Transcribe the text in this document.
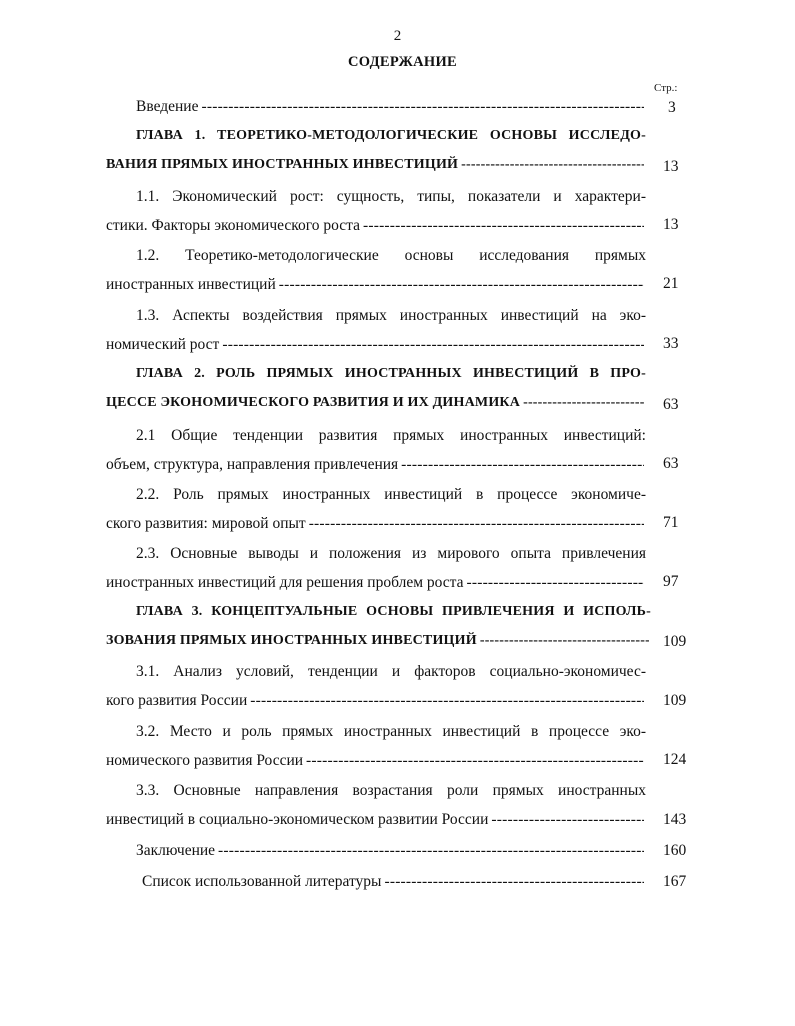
2
СОДЕРЖАНИЕ
Стр.:
Введение -----	3
ГЛАВА 1. ТЕОРЕТИКО-МЕТОДОЛОГИЧЕСКИЕ ОСНОВЫ ИССЛЕДО-
ВАНИЯ ПРЯМЫХ ИНОСТРАННЫХ ИНВЕСТИЦИЙ -----	13
1.1. Экономический рост: сущность, типы, показатели и характери-
стики. Факторы экономического роста -----	13
1.2. Теоретико-методологические основы исследования прямых
иностранных инвестиций -----	21
1.3. Аспекты воздействия прямых иностранных инвестиций на эко-
номический рост -----	33
ГЛАВА 2. РОЛЬ ПРЯМЫХ ИНОСТРАННЫХ ИНВЕСТИЦИЙ В ПРО-
ЦЕССЕ ЭКОНОМИЧЕСКОГО РАЗВИТИЯ И ИХ ДИНАМИКА -----	63
2.1 Общие тенденции развития прямых иностранных инвестиций:
объем, структура, направления привлечения -----	63
2.2. Роль прямых иностранных инвестиций в процессе экономиче-
ского развития: мировой опыт -----	71
2.3. Основные выводы и положения из мирового опыта привлечения
иностранных инвестиций для решения проблем роста -----	97
ГЛАВА 3. КОНЦЕПТУАЛЬНЫЕ ОСНОВЫ ПРИВЛЕЧЕНИЯ И ИСПОЛЬ-
ЗОВАНИЯ ПРЯМЫХ ИНОСТРАННЫХ ИНВЕСТИЦИЙ -----	109
3.1. Анализ условий, тенденции и факторов социально-экономичес-
кого развития России -----	109
3.2. Место и роль прямых иностранных инвестиций в процессе эко-
номического развития России -----	124
3.3. Основные направления возрастания роли прямых иностранных
инвестиций в социально-экономическом развитии России -----	143
Заключение -----	160
Список использованной литературы -----	167
